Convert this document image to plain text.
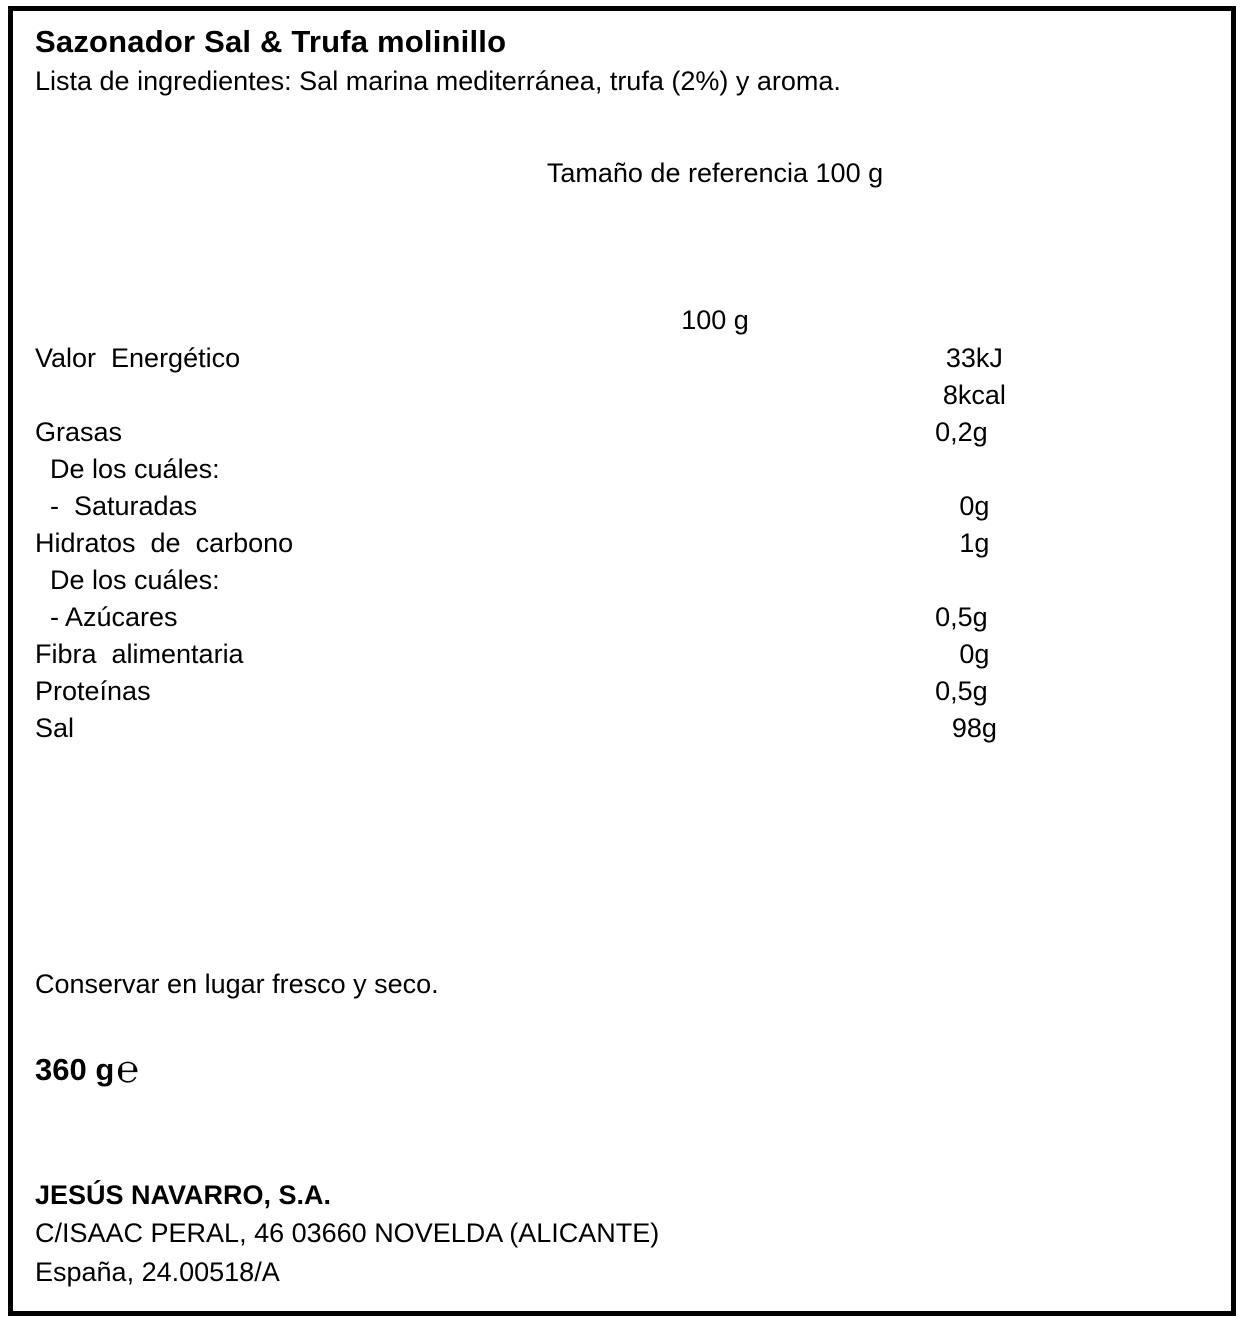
Sazonador Sal & Trufa molinillo
Lista de ingredientes: Sal marina mediterránea, trufa (2%) y aroma.
Tamaño de referencia 100 g
100 g
Valor  Energético	33kJ
	8kcal
Grasas	0,2g
De los cuáles:	
-  Saturadas	0g
Hidratos  de  carbono	1g
De los cuáles:	
- Azúcares	0,5g
Fibra  alimentaria	0g
Proteínas	0,5g
Sal	98g
Conservar en lugar fresco y seco.
360 g ℮
JESÚS NAVARRO, S.A.
C/ISAAC PERAL, 46 03660 NOVELDA (ALICANTE)
España, 24.00518/A
